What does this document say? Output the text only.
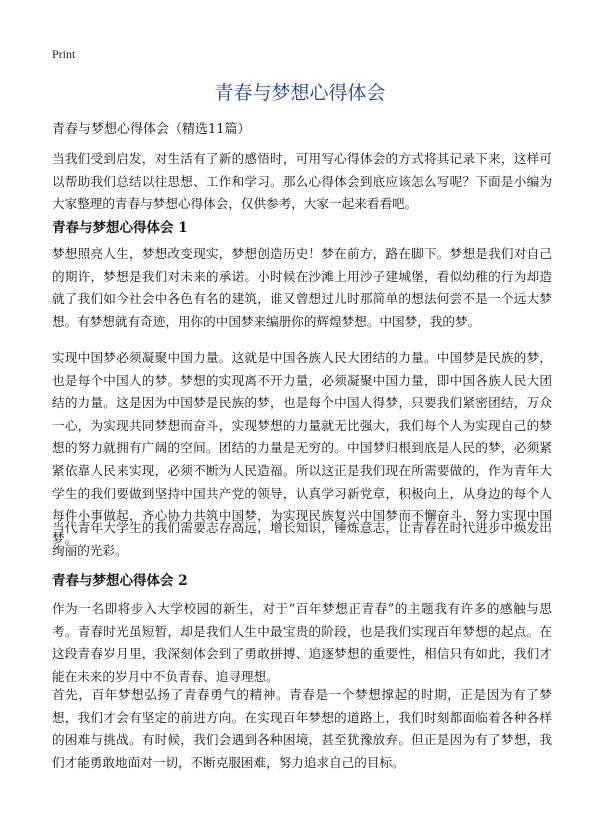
Print
青春与梦想心得体会

青春与梦想心得体会（精选11篇）

当我们受到启发，对生活有了新的感悟时，可用写心得体会的方式将其记录下来，这样可以帮助我们总结以往思想、工作和学习。那么心得体会到底应该怎么写呢？下面是小编为大家整理的青春与梦想心得体会，仅供参考，大家一起来看看吧。

青春与梦想心得体会 1

梦想照亮人生，梦想改变现实，梦想创造历史！梦在前方，路在脚下。梦想是我们对自己的期许，梦想是我们对未来的承诺。小时候在沙滩上用沙子建城堡，看似幼稚的行为却造就了我们如今社会中各色有名的建筑，谁又曾想过儿时那简单的想法何尝不是一个远大梦想。有梦想就有奇迹，用你的中国梦来编册你的辉煌梦想。中国梦，我的梦。

实现中国梦必须凝聚中国力量。这就是中国各族人民大团结的力量。中国梦是民族的梦，也是每个中国人的梦。梦想的实现离不开力量，必须凝聚中国力量，即中国各族人民大团结的力量。这是因为中国梦是民族的梦，也是每个中国人得梦，只要我们紧密团结，万众一心，为实现共同梦想而奋斗，实现梦想的力量就无比强大，我们每个人为实现自己的梦想的努力就拥有广阔的空间。团结的力量是无穷的。中国梦归根到底是人民的梦，必须紧紧依靠人民来实现，必须不断为人民造福。所以这正是我们现在所需要做的，作为青年大学生的我们要做到坚持中国共产党的领导，认真学习新党章，积极向上，从身边的每个人每件小事做起，齐心协力共筑中国梦，为实现民族复兴中国梦而不懈奋斗，努力实现中国梦。

当代青年大学生的我们需要志存高远，增长知识，锤炼意志，让青春在时代进步中焕发出绚丽的光彩。

青春与梦想心得体会 2

作为一名即将步入大学校园的新生，对于“百年梦想正青春”的主题我有许多的感触与思考。青春时光虽短暂，却是我们人生中最宝贵的阶段，也是我们实现百年梦想的起点。在这段青春岁月里，我深刻体会到了勇敢拼搏、追逐梦想的重要性，相信只有如此，我们才能在未来的岁月中不负青春、追寻理想。

首先，百年梦想弘扬了青春勇气的精神。青春是一个梦想撑起的时期，正是因为有了梦想，我们才会有坚定的前进方向。在实现百年梦想的道路上，我们时刻都面临着各种各样的困难与挑战。有时候，我们会遇到各种困境，甚至犹豫放弃。但正是因为有了梦想，我们才能勇敢地面对一切，不断克服困难，努力追求自己的目标。
